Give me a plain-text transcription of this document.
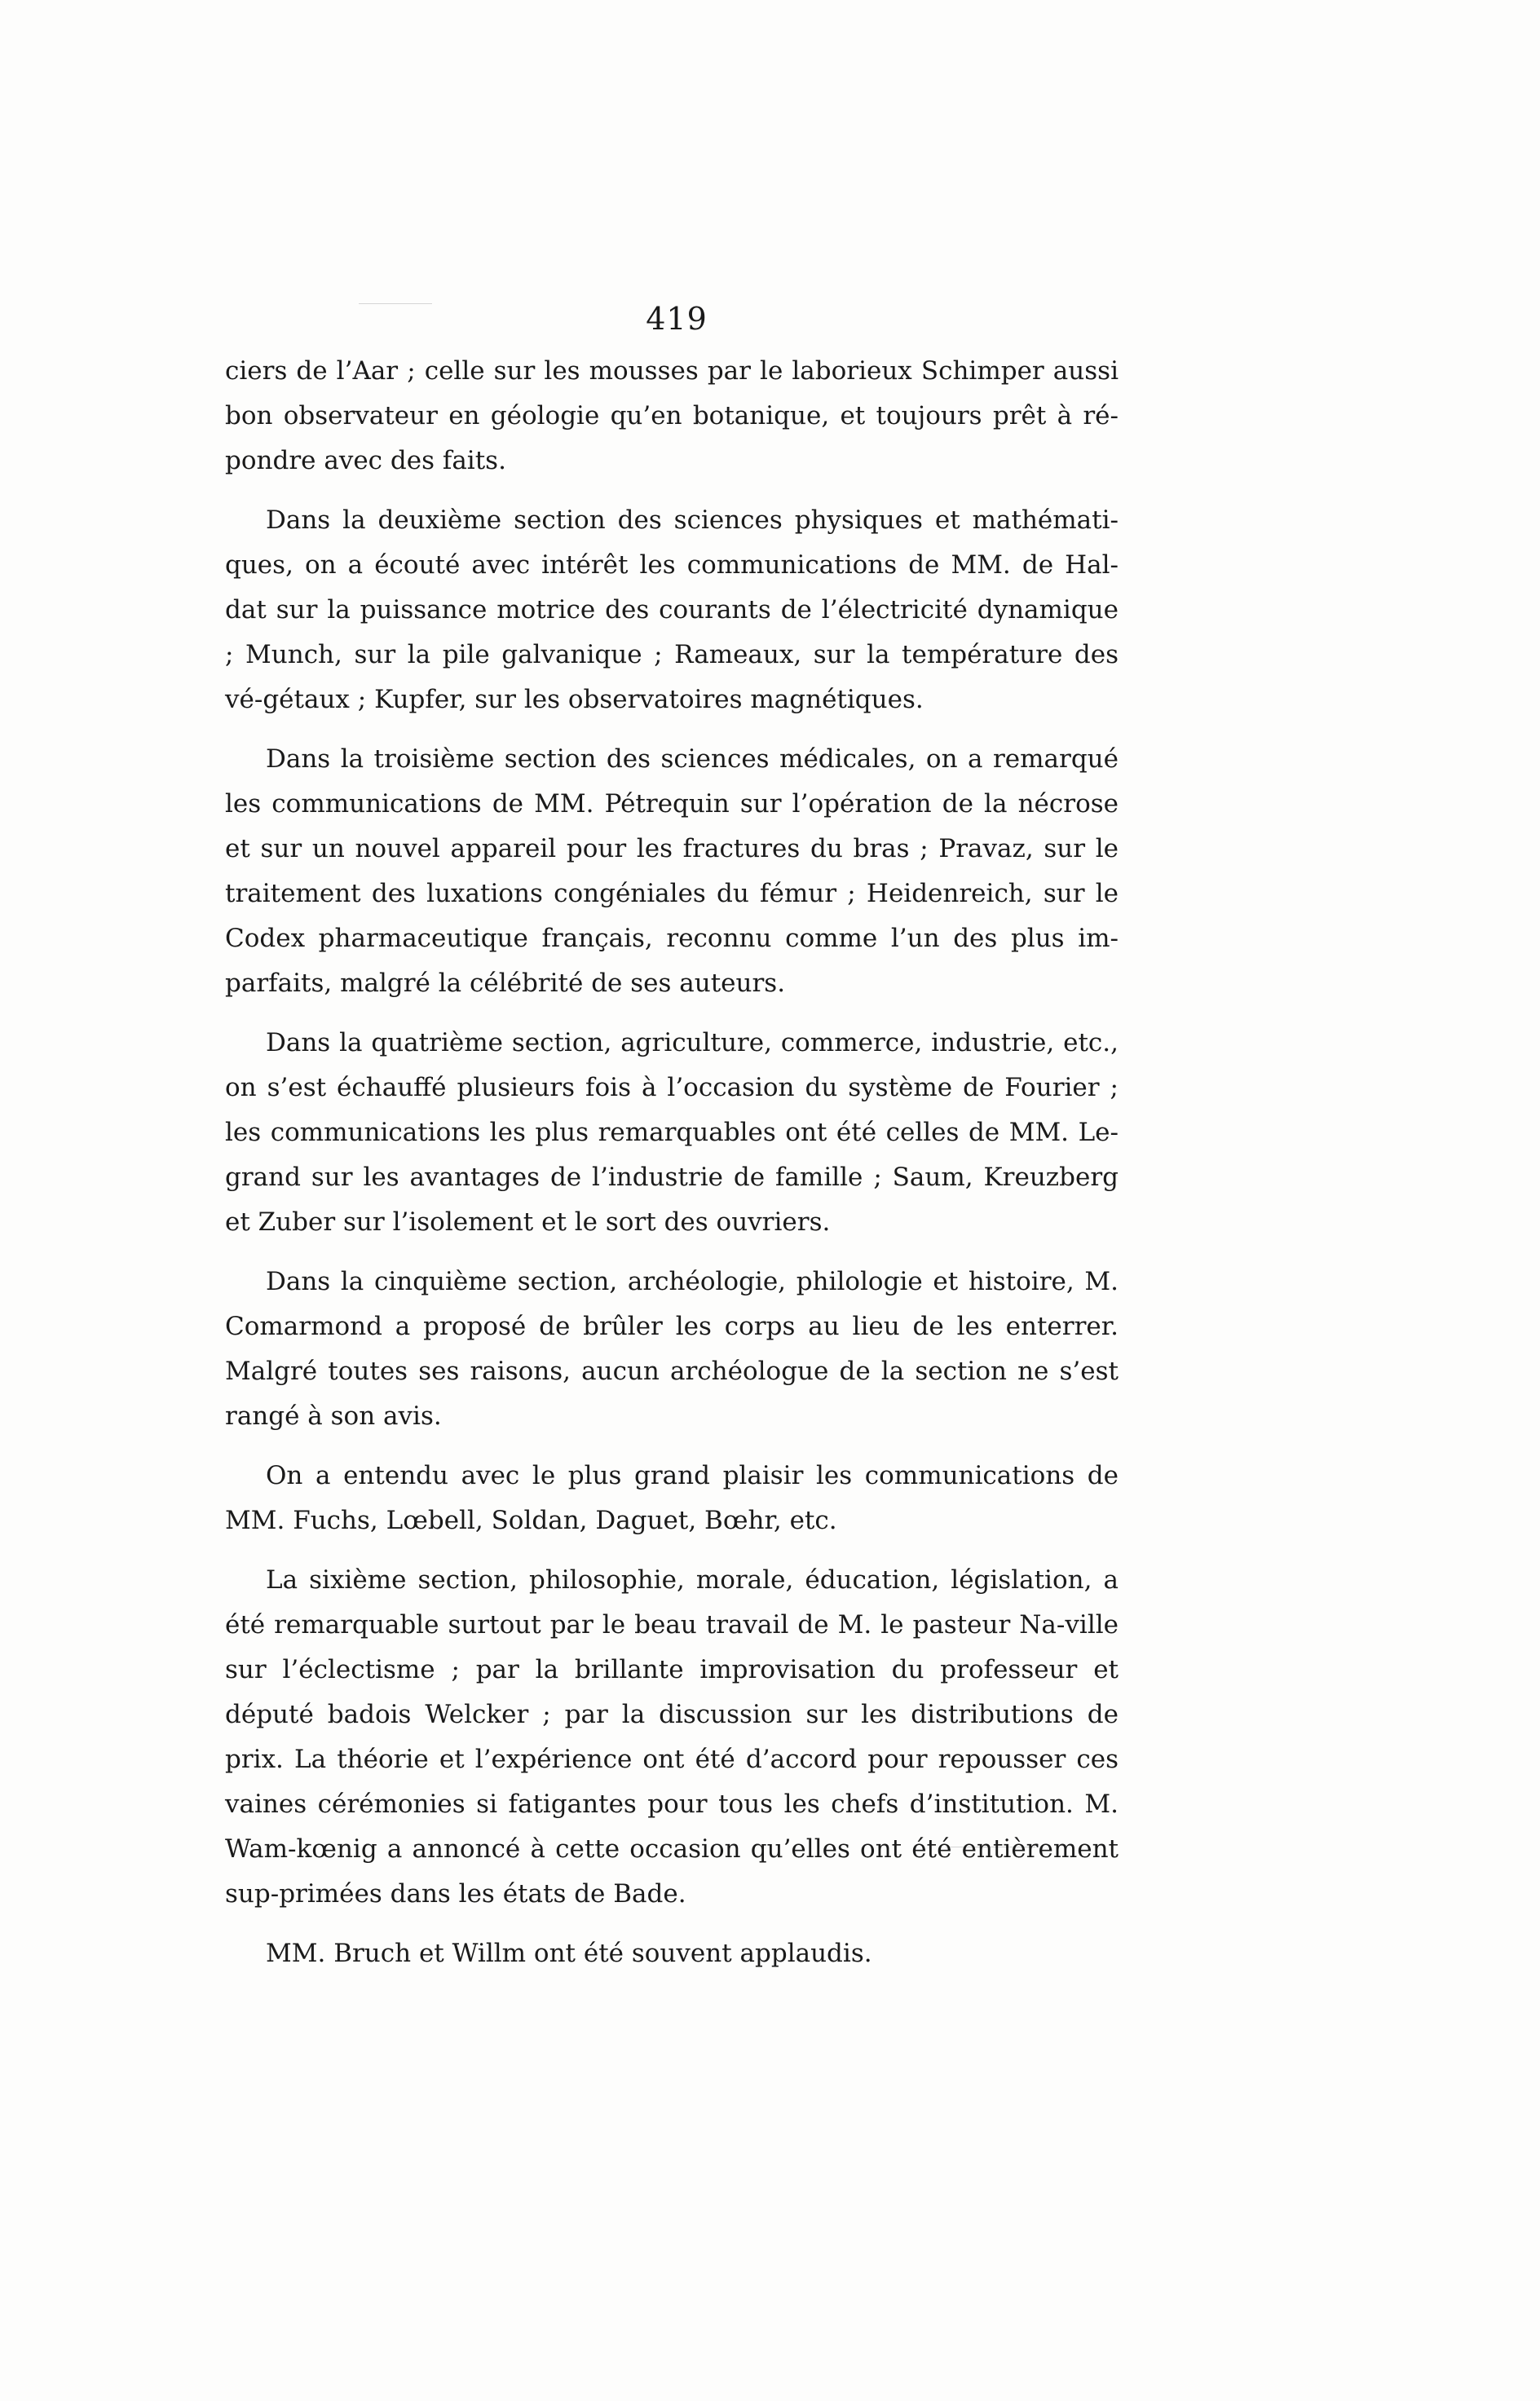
419

ciers de l’Aar ; celle sur les mousses par le laborieux Schimper aussi bon observateur en géologie qu’en botanique, et toujours prêt à ré-pondre avec des faits.

Dans la deuxième section des sciences physiques et mathémati-ques, on a écouté avec intérêt les communications de MM. de Hal-dat sur la puissance motrice des courants de l’électricité dynamique ; Munch, sur la pile galvanique ; Rameaux, sur la température des vé-gétaux ; Kupfer, sur les observatoires magnétiques.

Dans la troisième section des sciences médicales, on a remarqué les communications de MM. Pétrequin sur l’opération de la nécrose et sur un nouvel appareil pour les fractures du bras ; Pravaz, sur le traitement des luxations congéniales du fémur ; Heidenreich, sur le Codex pharmaceutique français, reconnu comme l’un des plus im-parfaits, malgré la célébrité de ses auteurs.

Dans la quatrième section, agriculture, commerce, industrie, etc., on s’est échauffé plusieurs fois à l’occasion du système de Fourier ; les communications les plus remarquables ont été celles de MM. Le-grand sur les avantages de l’industrie de famille ; Saum, Kreuzberg et Zuber sur l’isolement et le sort des ouvriers.

Dans la cinquième section, archéologie, philologie et histoire, M. Comarmond a proposé de brûler les corps au lieu de les enterrer. Malgré toutes ses raisons, aucun archéologue de la section ne s’est rangé à son avis.

On a entendu avec le plus grand plaisir les communications de MM. Fuchs, Lœbell, Soldan, Daguet, Bœhr, etc.

La sixième section, philosophie, morale, éducation, législation, a été remarquable surtout par le beau travail de M. le pasteur Na-ville sur l’éclectisme ; par la brillante improvisation du professeur et député badois Welcker ; par la discussion sur les distributions de prix. La théorie et l’expérience ont été d’accord pour repousser ces vaines cérémonies si fatigantes pour tous les chefs d’institution. M. Wam-kœnig a annoncé à cette occasion qu’elles ont été entièrement sup-primées dans les états de Bade.

MM. Bruch et Willm ont été souvent applaudis.
